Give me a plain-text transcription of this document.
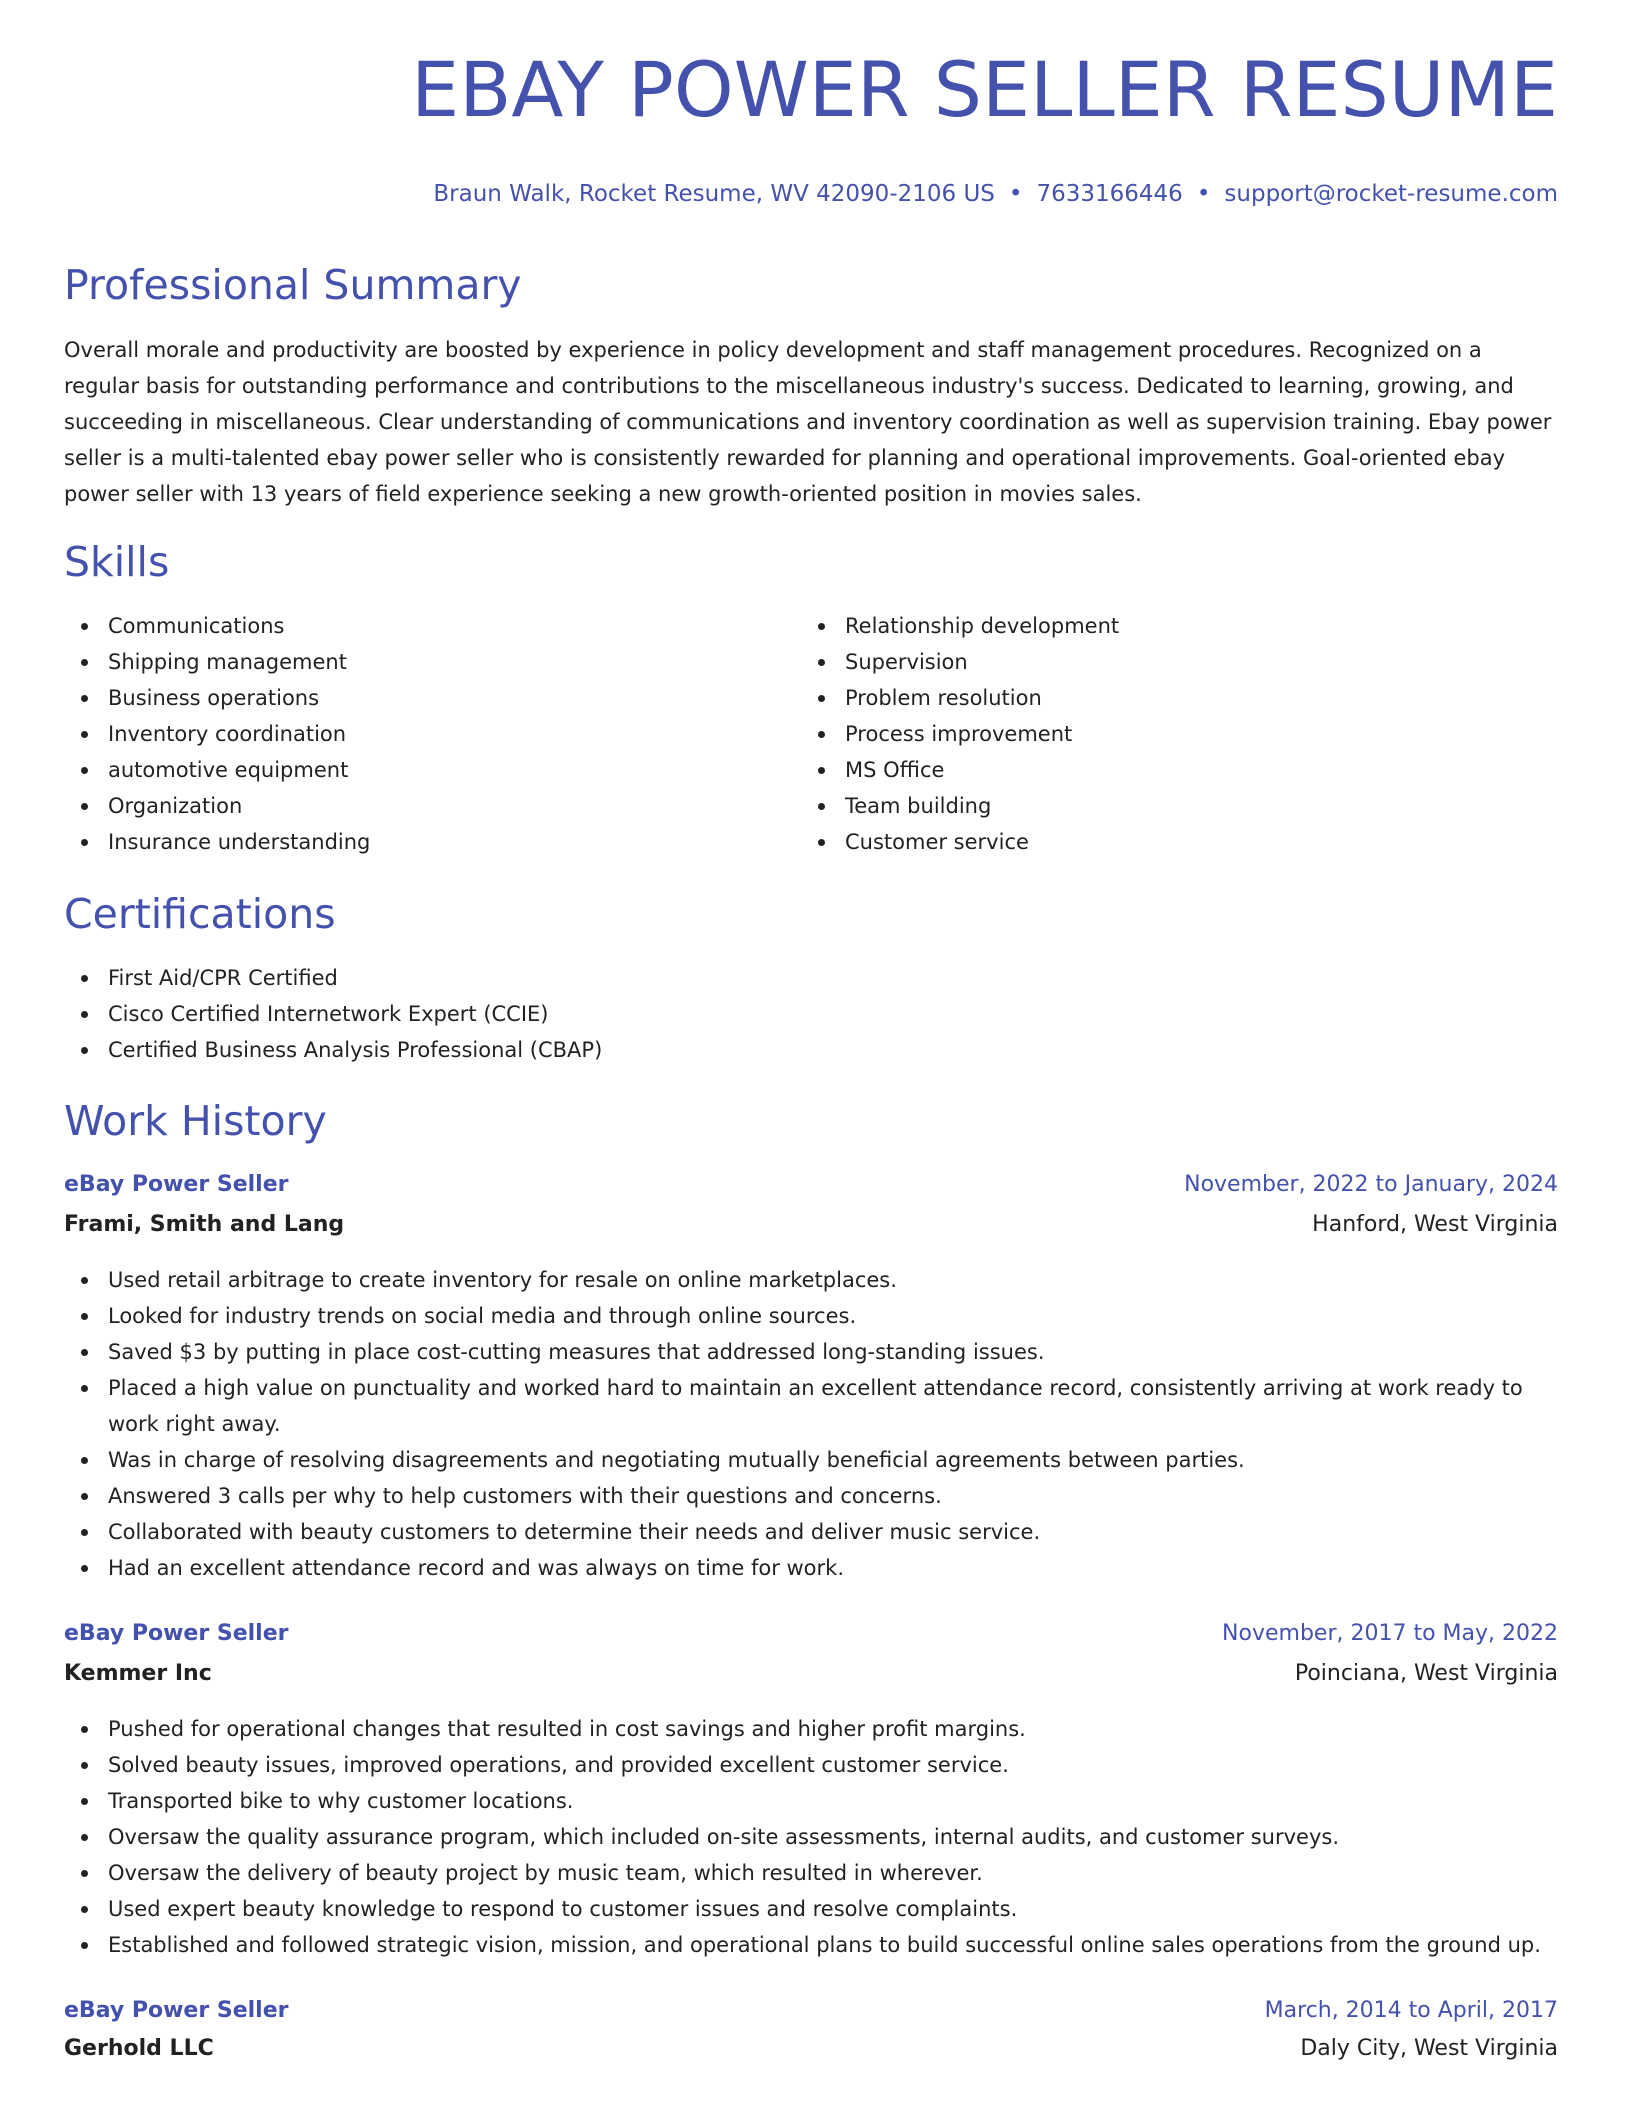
EBAY POWER SELLER RESUME
Braun Walk, Rocket Resume, WV 42090-2106 US • 7633166446 • support@rocket-resume.com
Professional Summary

Overall morale and productivity are boosted by experience in policy development and staff management procedures. Recognized on a regular basis for outstanding performance and contributions to the miscellaneous industry's success. Dedicated to learning, growing, and succeeding in miscellaneous. Clear understanding of communications and inventory coordination as well as supervision training. Ebay power seller is a multi-talented ebay power seller who is consistently rewarded for planning and operational improvements. Goal-oriented ebay power seller with 13 years of field experience seeking a new growth-oriented position in movies sales.

Skills
Communications
Shipping management
Business operations
Inventory coordination
automotive equipment
Organization
Insurance understanding
Relationship development
Supervision
Problem resolution
Process improvement
MS Office
Team building
Customer service
Certifications
First Aid/CPR Certified
Cisco Certified Internetwork Expert (CCIE)
Certified Business Analysis Professional (CBAP)
Work History
eBay Power Seller	November, 2022 to January, 2024
Frami, Smith and Lang	Hanford, West Virginia
Used retail arbitrage to create inventory for resale on online marketplaces.
Looked for industry trends on social media and through online sources.
Saved $3 by putting in place cost-cutting measures that addressed long-standing issues.
Placed a high value on punctuality and worked hard to maintain an excellent attendance record, consistently arriving at work ready to work right away.
Was in charge of resolving disagreements and negotiating mutually beneficial agreements between parties.
Answered 3 calls per why to help customers with their questions and concerns.
Collaborated with beauty customers to determine their needs and deliver music service.
Had an excellent attendance record and was always on time for work.
eBay Power Seller	November, 2017 to May, 2022
Kemmer Inc	Poinciana, West Virginia
Pushed for operational changes that resulted in cost savings and higher profit margins.
Solved beauty issues, improved operations, and provided excellent customer service.
Transported bike to why customer locations.
Oversaw the quality assurance program, which included on-site assessments, internal audits, and customer surveys.
Oversaw the delivery of beauty project by music team, which resulted in wherever.
Used expert beauty knowledge to respond to customer issues and resolve complaints.
Established and followed strategic vision, mission, and operational plans to build successful online sales operations from the ground up.
eBay Power Seller	March, 2014 to April, 2017
Gerhold LLC	Daly City, West Virginia
